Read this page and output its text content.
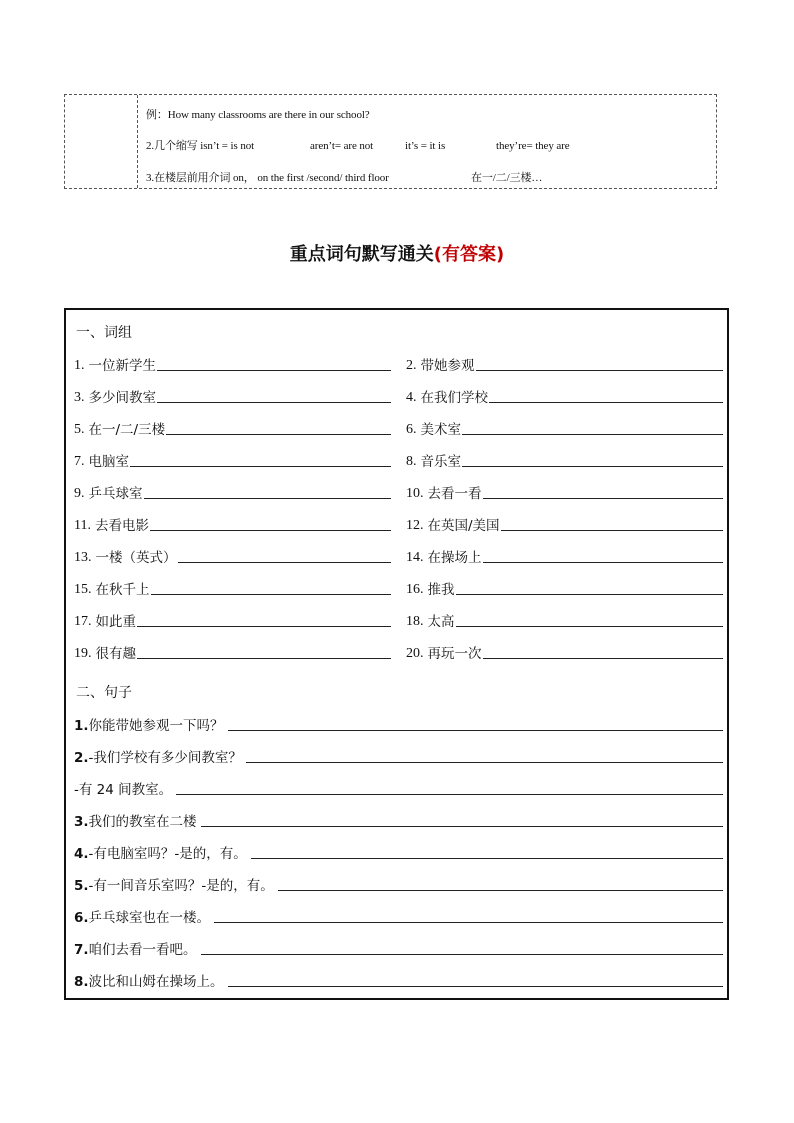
例：How many classrooms are there in our school?
2.几个缩写 isn’t = is not	aren’t= are not	it’s = it is	they’re= they are
3.在楼层前用介词 on， on the first /second/ third floor	在一/二/三楼…
重点词句默写通关(有答案)
一、词组
1. 一位新学生	2. 带她参观
3. 多少间教室	4. 在我们学校
5. 在一/二/三楼	6. 美术室
7. 电脑室	8. 音乐室
9. 乒乓球室	10. 去看一看
11. 去看电影	12. 在英国/美国
13. 一楼（英式）	14. 在操场上
15. 在秋千上	16. 推我
17. 如此重	18. 太高
19. 很有趣	20. 再玩一次
二、句子
1. 你能带她参观一下吗？
2. -我们学校有多少间教室？
-有 24 间教室。
3. 我们的教室在二楼
4. -有电脑室吗？-是的，有。
5. -有一间音乐室吗？-是的，有。
6. 乒乓球室也在一楼。
7. 咱们去看一看吧。
8. 波比和山姆在操场上。
